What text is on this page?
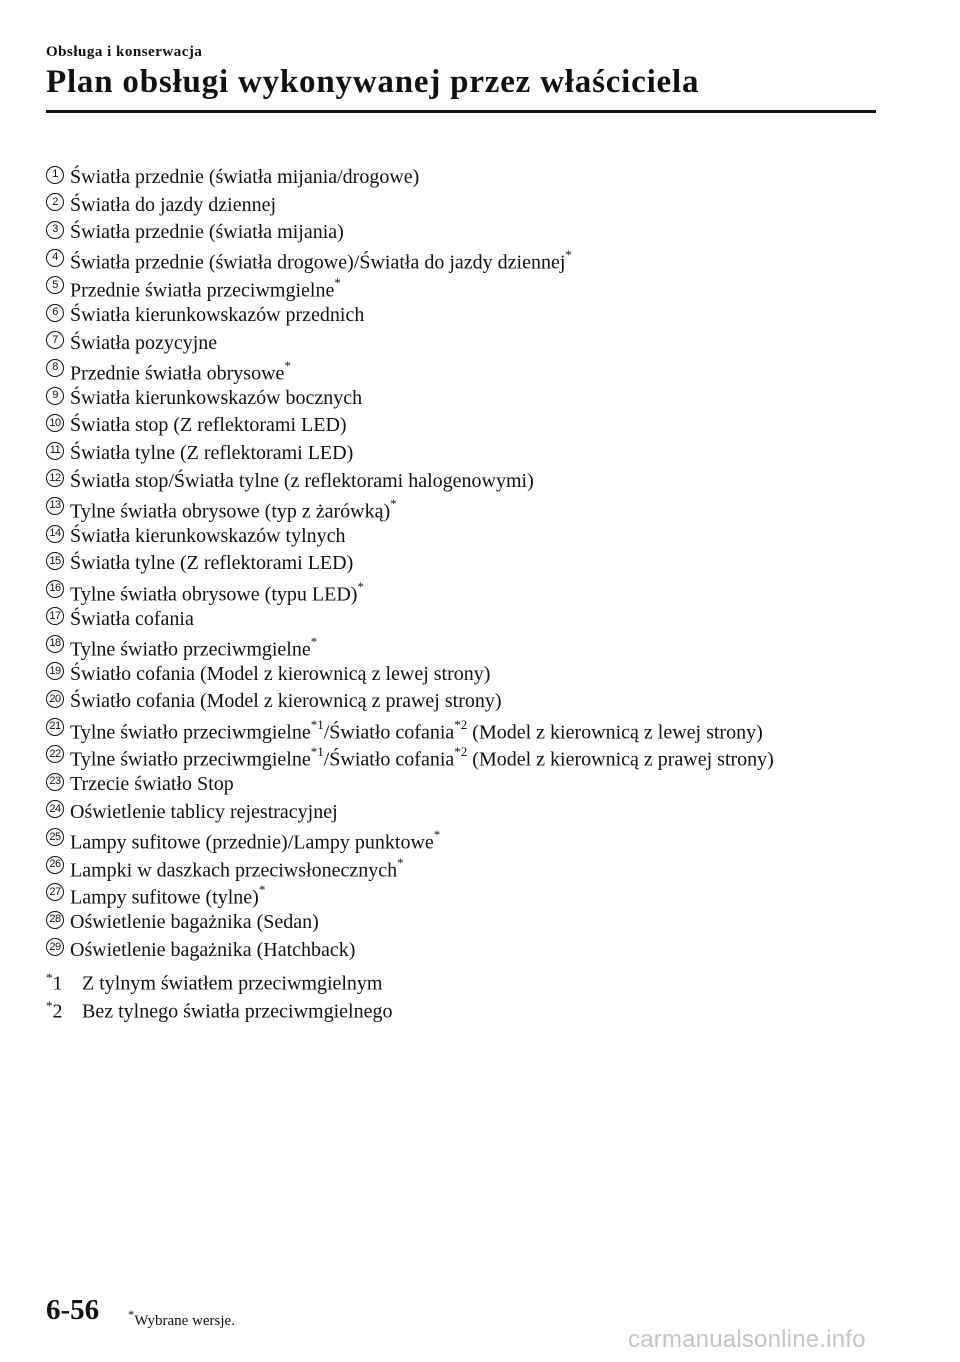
Obsługa i konserwacja
Plan obsługi wykonywanej przez właściciela
1 Światła przednie (światła mijania/drogowe)
2 Światła do jazdy dziennej
3 Światła przednie (światła mijania)
4 Światła przednie (światła drogowe)/Światła do jazdy dziennej*
5 Przednie światła przeciwmgielne*
6 Światła kierunkowskazów przednich
7 Światła pozycyjne
8 Przednie światła obrysowe*
9 Światła kierunkowskazów bocznych
10 Światła stop (Z reflektorami LED)
11 Światła tylne (Z reflektorami LED)
12 Światła stop/Światła tylne (z reflektorami halogenowymi)
13 Tylne światła obrysowe (typ z żarówką)*
14 Światła kierunkowskazów tylnych
15 Światła tylne (Z reflektorami LED)
16 Tylne światła obrysowe (typu LED)*
17 Światła cofania
18 Tylne światło przeciwmgielne*
19 Światło cofania (Model z kierownicą z lewej strony)
20 Światło cofania (Model z kierownicą z prawej strony)
21 Tylne światło przeciwmgielne$^{*1}$/Światło cofania$^{*2}$ (Model z kierownicą z lewej strony)
22 Tylne światło przeciwmgielne$^{*1}$/Światło cofania$^{*2}$ (Model z kierownicą z prawej strony)
23 Trzecie światło Stop
24 Oświetlenie tablicy rejestracyjnej
25 Lampy sufitowe (przednie)/Lampy punktowe*
26 Lampki w daszkach przeciwsłonecznych*
27 Lampy sufitowe (tylne)*
28 Oświetlenie bagażnika (Sedan)
29 Oświetlenie bagażnika (Hatchback)
*1 Z tylnym światłem przeciwmgielnym
*2 Bez tylnego światła przeciwmgielnego
6-56 *Wybrane wersje.
carmanualsonline.info
